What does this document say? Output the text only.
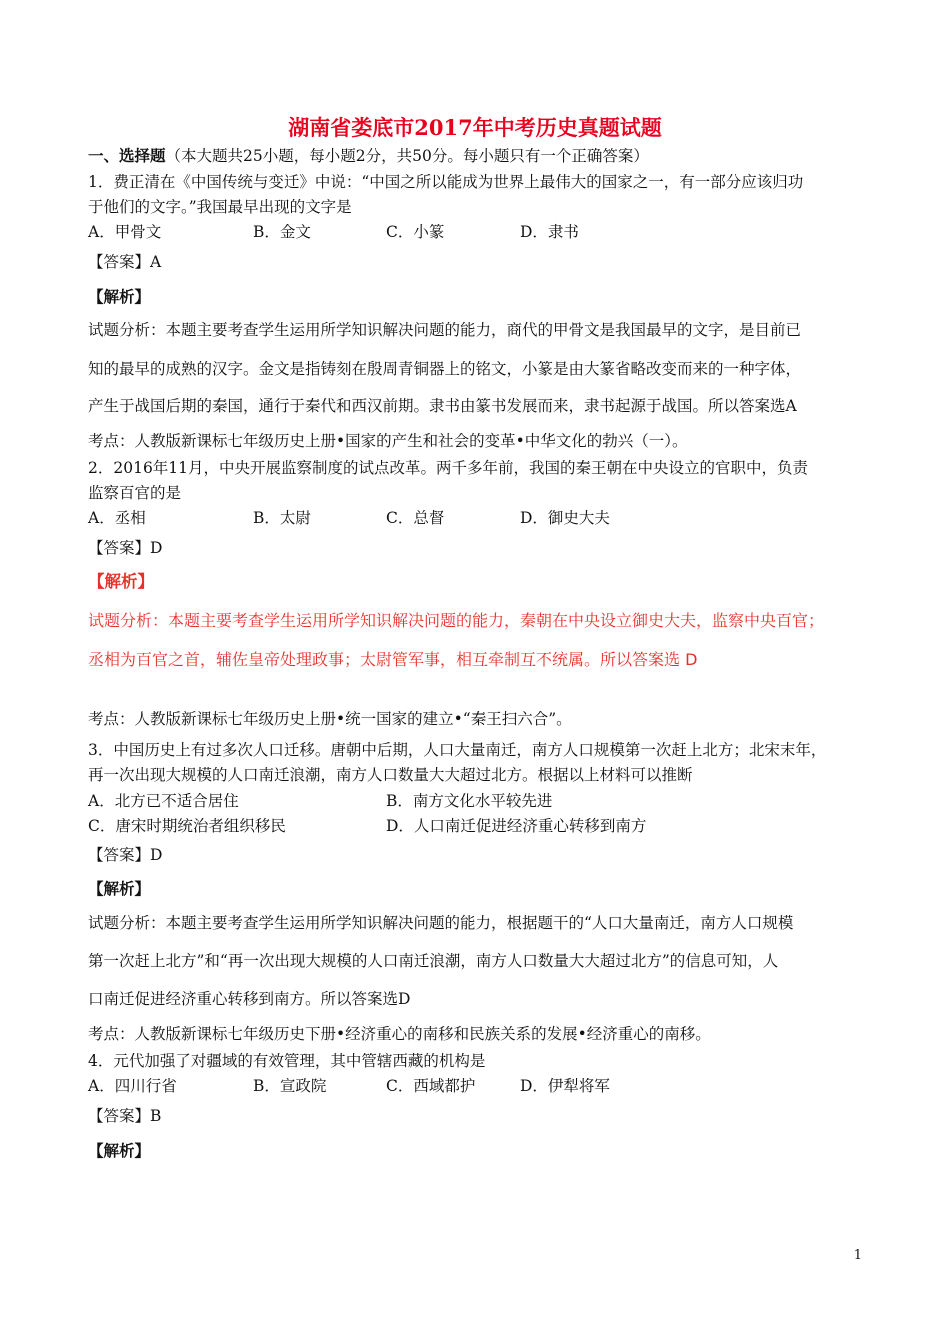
湖南省娄底市2017年中考历史真题试题
一、选择题（本大题共25小题，每小题2分，共50分。每小题只有一个正确答案）
1．费正清在《中国传统与变迁》中说：“中国之所以能成为世界上最伟大的国家之一，有一部分应该归功
于他们的文字。”我国最早出现的文字是
A．甲骨文	B．金文	C．小篆	D．隶书
【答案】A
【解析】
试题分析：本题主要考查学生运用所学知识解决问题的能力，商代的甲骨文是我国最早的文字，是目前已
知的最早的成熟的汉字。金文是指铸刻在殷周青铜器上的铭文，小篆是由大篆省略改变而来的一种字体，
产生于战国后期的秦国，通行于秦代和西汉前期。隶书由篆书发展而来，隶书起源于战国。所以答案选A
考点：人教版新课标七年级历史上册•国家的产生和社会的变革•中华文化的勃兴（一）。
2．2016年11月，中央开展监察制度的试点改革。两千多年前，我国的秦王朝在中央设立的官职中，负责
监察百官的是
A．丞相	B．太尉	C．总督	D．御史大夫
【答案】D
【解析】
试题分析：本题主要考查学生运用所学知识解决问题的能力，秦朝在中央设立御史大夫，监察中央百官；
丞相为百官之首，辅佐皇帝处理政事；太尉管军事，相互牵制互不统属。所以答案选 D
考点：人教版新课标七年级历史上册•统一国家的建立•“秦王扫六合”。
3．中国历史上有过多次人口迁移。唐朝中后期，人口大量南迁，南方人口规模第一次赶上北方；北宋末年，
再一次出现大规模的人口南迁浪潮，南方人口数量大大超过北方。根据以上材料可以推断
A．北方已不适合居住	B．南方文化水平较先进
C．唐宋时期统治者组织移民	D．人口南迁促进经济重心转移到南方
【答案】D
【解析】
试题分析：本题主要考查学生运用所学知识解决问题的能力，根据题干的“人口大量南迁，南方人口规模
第一次赶上北方”和“再一次出现大规模的人口南迁浪潮，南方人口数量大大超过北方”的信息可知，人
口南迁促进经济重心转移到南方。所以答案选D
考点：人教版新课标七年级历史下册•经济重心的南移和民族关系的发展•经济重心的南移。
4．元代加强了对疆域的有效管理，其中管辖西藏的机构是
A．四川行省	B．宣政院	C．西域都护	D．伊犁将军
【答案】B
【解析】
1
